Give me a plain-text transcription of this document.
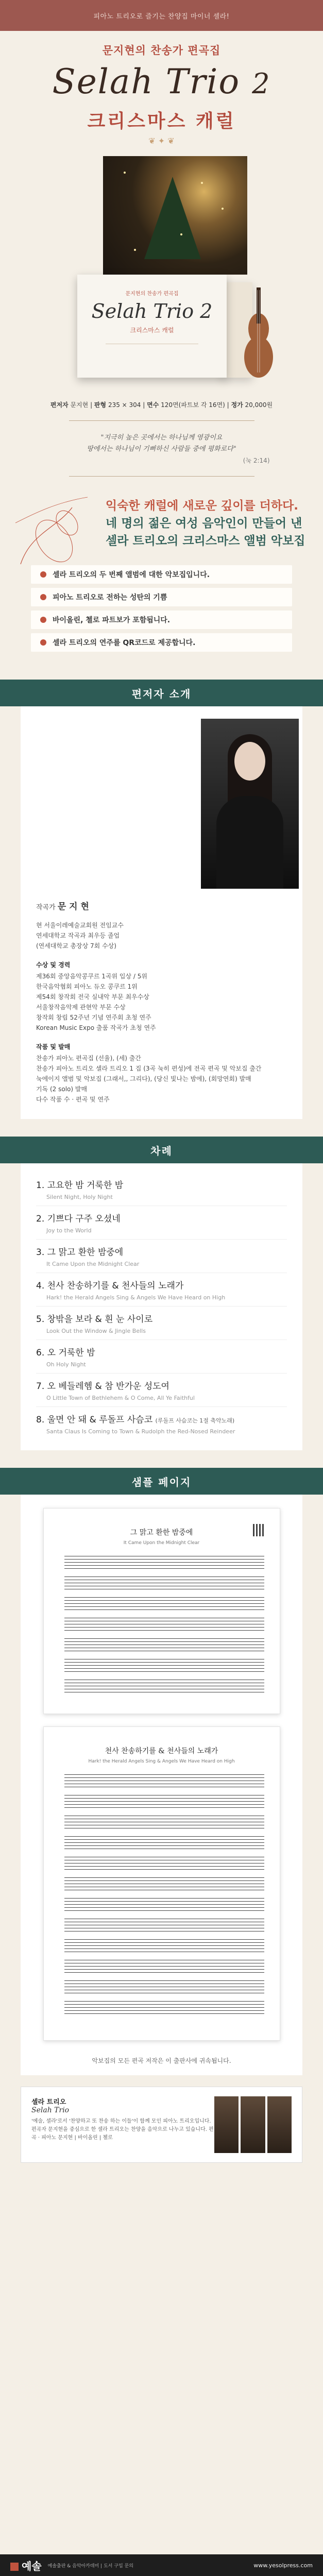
피아노 트리오로 즐기는 찬양집 마이너 셀라!
문지현의 찬송가 편곡집
Selah Trio 2
크리스마스 캐럴
❦ ✦ ❦
문지현의 찬송가 편곡집
Selah Trio 2
크리스마스 캐럴
편저자 문지현 | 판형 235 × 304 | 면수 120면(파트보 각 16면) | 정가 20,000원
"지극히 높은 곳에서는 하나님께 영광이요
땅에서는 하나님이 기뻐하신 사람들 중에 평화로다"
(눅 2:14)
익숙한 캐럴에 새로운 깊이를 더하다.
네 명의 젊은 여성 음악인이 만들어 낸
셀라 트리오의 크리스마스 앨범 악보집
셀라 트리오의 두 번째 앨범에 대한 악보집입니다.
피아노 트리오로 전하는 성탄의 기쁨
바이올린, 첼로 파트보가 포함됩니다.
셀라 트리오의 연주를 QR코드로 제공합니다.
편저자 소개
작곡가 문 지 현
현 서울이레예술교회원 전임교수
연세대학교 작곡과 최우등 졸업
(연세대학교 총장상 7회 수상)
수상 및 경력
제36회 중앙음악콩쿠르 1곡위 입상 / 5위
한국음악협회 피아노 듀오 콩쿠르 1위
제54회 창작회 전국 실내악 부문 최우수상
서울창작음악제 관현악 부문 수상
창작회 창립 52주년 기념 연주회 초청 연주
Korean Music Expo 출품 작곡가 초청 연주
작품 및 발매
찬송가 피아노 편곡집 (선율), (세) 출간
찬송가 피아노 트리오 셀라 트리오 1 집 (3곡 눅히 편성)에 전곡 편곡 및 악보집 출간
눅에이지 앨범 및 악보집 (그래서,, 그리다), (당신 빛나는 밤에), (회망연회) 발매
기독 (2 solo) 발매
다수 작품 수 · 편곡 및 연주
차례
1. 고요한 밤 거룩한 밤
Silent Night, Holy Night
2. 기쁘다 구주 오셨네
Joy to the World
3. 그 맑고 환한 밤중에
It Came Upon the Midnight Clear
4. 천사 찬송하기를 & 천사들의 노래가
Hark! the Herald Angels Sing & Angels We Have Heard on High
5. 창밖을 보라 & 흰 눈 사이로
Look Out the Window & Jingle Bells
6. 오 거룩한 밤
Oh Holy Night
7. 오 베들레헴 & 참 반가운 성도여
O Little Town of Bethlehem & O Come, All Ye Faithful
8. 울면 안 돼 & 루돌프 사슴코 (루돌프 사슴코는 1절 축약노래)
Santa Claus Is Coming to Town & Rudolph the Red-Nosed Reindeer
샘플 페이지
그 맑고 환한 밤중에
It Came Upon the Midnight Clear
천사 찬송하기를 & 천사들의 노래가
Hark! the Herald Angels Sing & Angels We Have Heard on High
악보집의 모든 편곡 저작은 이 출판사에 귀속됩니다.
셀라 트리오
Selah Trio
'예술, 셀라'로서 '찬양하고 또 찬송 하는 이들'이 함께 모인 피아노 트리오입니다. 편곡자 문지현을 중심으로 한 셀라 트리오는 찬양을 음악으로 나누고 있습니다. 편곡 · 피아노 문지현 | 바이올린 | 첼로
예솔 예솔출판 & 음악아카데미 | 도서 구입 문의	www.yesolpress.com
